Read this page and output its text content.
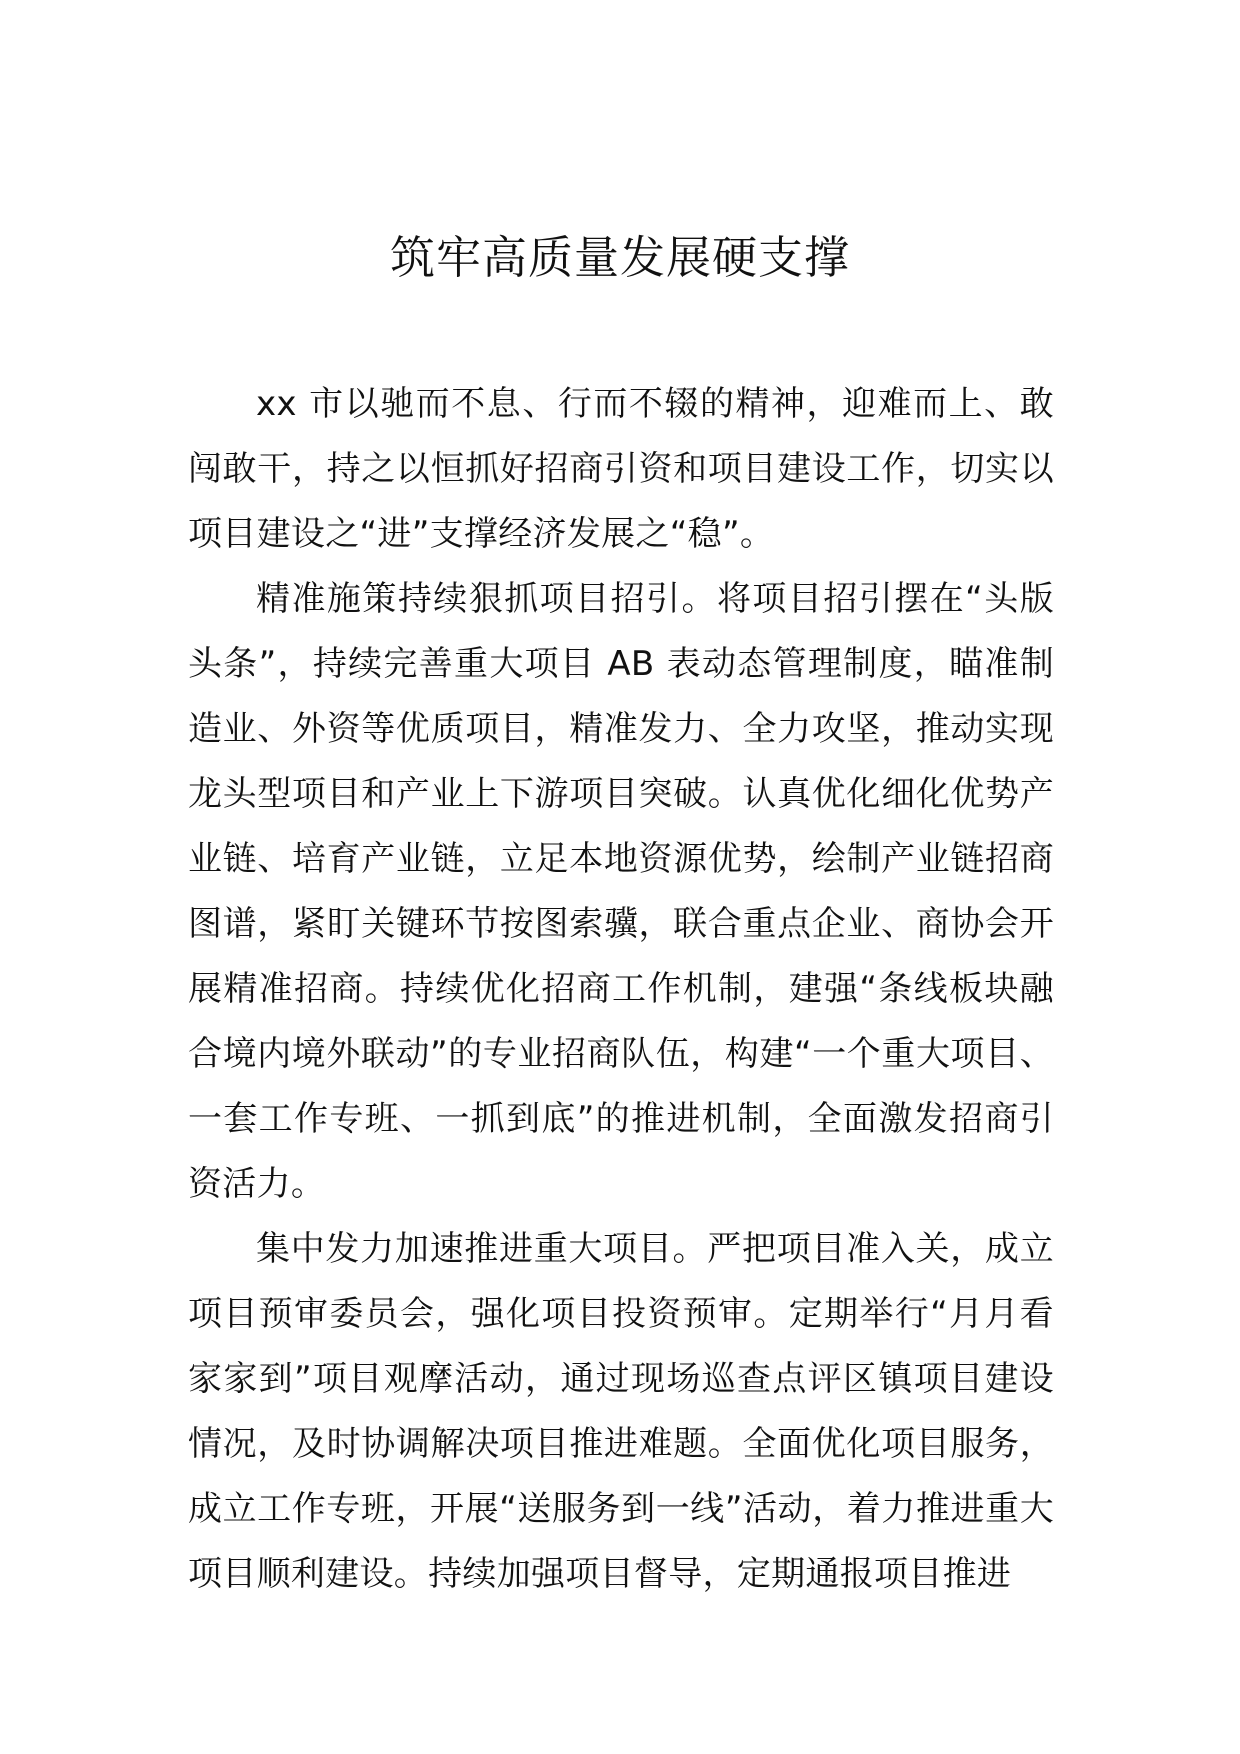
筑牢高质量发展硬支撑

xx 市以驰而不息、行而不辍的精神，迎难而上、敢闯敢干，持之以恒抓好招商引资和项目建设工作，切实以项目建设之“进”支撑经济发展之“稳”。

精准施策持续狠抓项目招引。将项目招引摆在“头版头条”，持续完善重大项目 AB 表动态管理制度，瞄准制造业、外资等优质项目，精准发力、全力攻坚，推动实现龙头型项目和产业上下游项目突破。认真优化细化优势产业链、培育产业链，立足本地资源优势，绘制产业链招商图谱，紧盯关键环节按图索骥，联合重点企业、商协会开展精准招商。持续优化招商工作机制，建强“条线板块融合境内境外联动”的专业招商队伍，构建“一个重大项目、一套工作专班、一抓到底”的推进机制，全面激发招商引资活力。

集中发力加速推进重大项目。严把项目准入关，成立项目预审委员会，强化项目投资预审。定期举行“月月看家家到”项目观摩活动，通过现场巡查点评区镇项目建设情况，及时协调解决项目推进难题。全面优化项目服务，成立工作专班，开展“送服务到一线”活动，着力推进重大项目顺利建设。持续加强项目督导，定期通报项目推进
